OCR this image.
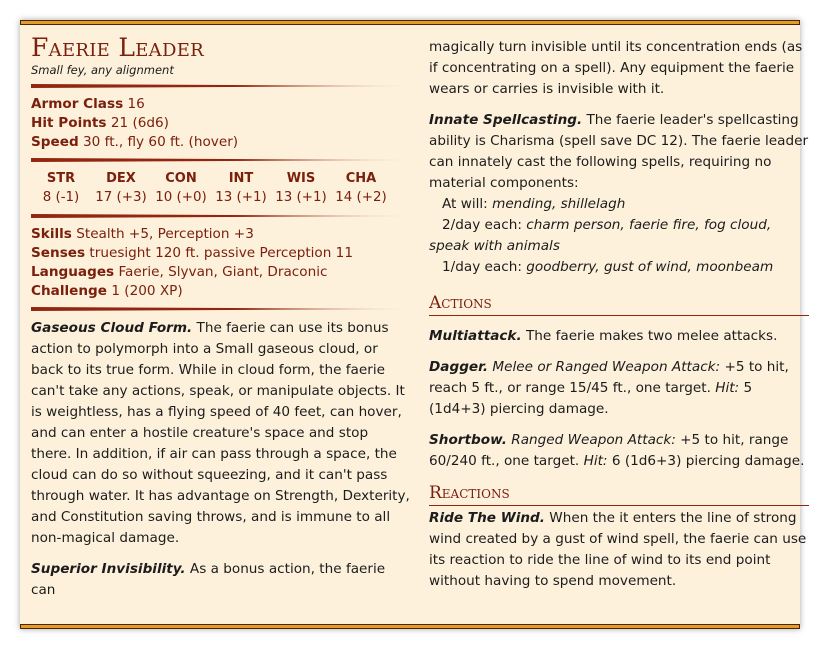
Faerie Leader
Small fey, any alignment
Armor Class 16
Hit Points 21 (6d6)
Speed 30 ft., fly 60 ft. (hover)
STR
8 (-1)
DEX
17 (+3)
CON
10 (+0)
INT
13 (+1)
WIS
13 (+1)
CHA
14 (+2)
Skills Stealth +5, Perception +3
Senses truesight 120 ft. passive Perception 11
Languages Faerie, Slyvan, Giant, Draconic
Challenge 1 (200 XP)

Gaseous Cloud Form. The faerie can use its bonus action to polymorph into a Small gaseous cloud, or back to its true form. While in cloud form, the faerie can't take any actions, speak, or manipulate objects. It is weightless, has a flying speed of 40 feet, can hover, and can enter a hostile creature's space and stop there. In addition, if air can pass through a space, the cloud can do so without squeezing, and it can't pass through water. It has advantage on Strength, Dexterity, and Constitution saving throws, and is immune to all non-magical damage.

Superior Invisibility. As a bonus action, the faerie can

magically turn invisible until its concentration ends (as if concentrating on a spell). Any equipment the faerie wears or carries is invisible with it.

Innate Spellcasting. The faerie leader's spellcasting ability is Charisma (spell save DC 12). The faerie leader can innately cast the following spells, requiring no material components:

At will: mending, shillelagh

2/day each: charm person, faerie fire, fog cloud, speak with animals

1/day each: goodberry, gust of wind, moonbeam

Actions

Multiattack. The faerie makes two melee attacks.

Dagger. Melee or Ranged Weapon Attack: +5 to hit, reach 5 ft., or range 15/45 ft., one target. Hit: 5 (1d4+3) piercing damage.

Shortbow. Ranged Weapon Attack: +5 to hit, range 60/240 ft., one target. Hit: 6 (1d6+3) piercing damage.

Reactions

Ride The Wind. When the it enters the line of strong wind created by a gust of wind spell, the faerie can use its reaction to ride the line of wind to its end point without having to spend movement.
